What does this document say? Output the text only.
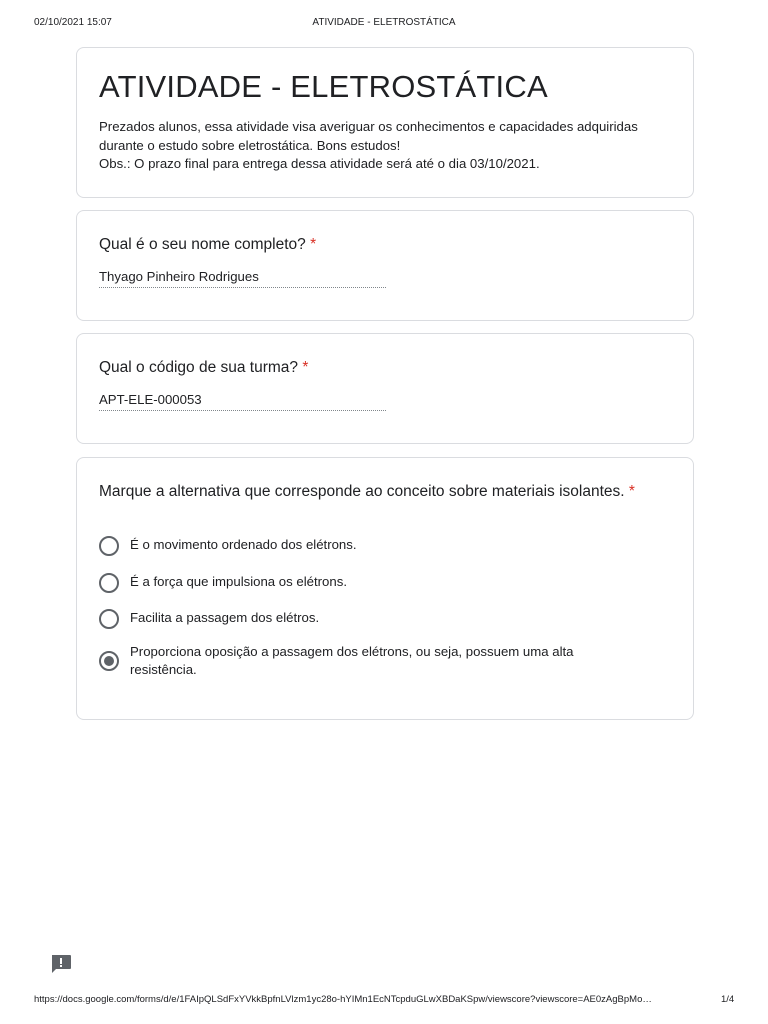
02/10/2021 15:07	ATIVIDADE - ELETROSTÁTICA
ATIVIDADE - ELETROSTÁTICA
Prezados alunos, essa atividade visa averiguar os conhecimentos e capacidades adquiridas
durante o estudo sobre eletrostática. Bons estudos!
Obs.: O prazo final para entrega dessa atividade será até o dia 03/10/2021.
Qual é o seu nome completo? *
Thyago Pinheiro Rodrigues
Qual o código de sua turma? *
APT-ELE-000053
Marque a alternativa que corresponde ao conceito sobre materiais isolantes. *
É o movimento ordenado dos elétrons.
É a força que impulsiona os elétrons.
Facilita a passagem dos elétros.
Proporciona oposição a passagem dos elétrons, ou seja, possuem uma alta resistência.
https://docs.google.com/forms/d/e/1FAIpQLSdFxYVkkBpfnLVlzm1yc28o-hYIMn1EcNTcpduGLwXBDaKSpw/viewscore?viewscore=AE0zAgBpMo…	1/4
